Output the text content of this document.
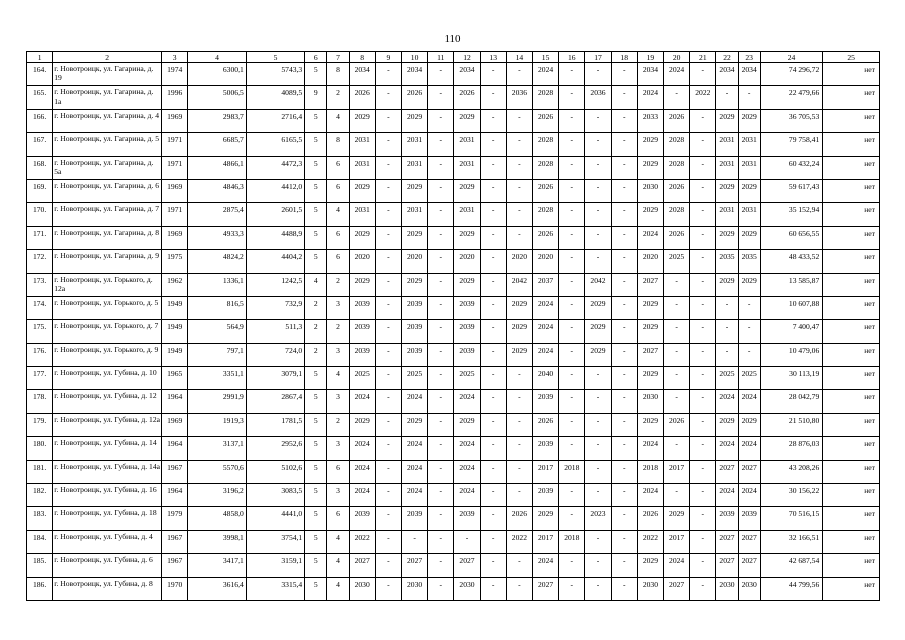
110
1	2	3	4	5	6	7	8	9	10	11	12	13	14	15	16	17	18	19	20	21	22	23	24	25
164.	г. Новотроицк, ул. Гагарина, д. 19	1974	6300,1	5743,3	5	8	2034	-	2034	-	2034	-	-	2024	-	-	-	2034	2024	-	2034	2034	74 296,72	нет
165.	г. Новотроицк, ул. Гагарина, д. 1а	1996	5006,5	4089,5	9	2	2026	-	2026	-	2026	-	2036	2028	-	2036	-	2024	-	2022	-	-	22 479,66	нет
166.	г. Новотроицк, ул. Гагарина, д. 4	1969	2983,7	2716,4	5	4	2029	-	2029	-	2029	-	-	2026	-	-	-	2033	2026	-	2029	2029	36 705,53	нет
167.	г. Новотроицк, ул. Гагарина, д. 5	1971	6685,7	6165,5	5	8	2031	-	2031	-	2031	-	-	2028	-	-	-	2029	2028	-	2031	2031	79 758,41	нет
168.	г. Новотроицк, ул. Гагарина, д. 5а	1971	4866,1	4472,3	5	6	2031	-	2031	-	2031	-	-	2028	-	-	-	2029	2028	-	2031	2031	60 432,24	нет
169.	г. Новотроицк, ул. Гагарина, д. 6	1969	4846,3	4412,0	5	6	2029	-	2029	-	2029	-	-	2026	-	-	-	2030	2026	-	2029	2029	59 617,43	нет
170.	г. Новотроицк, ул. Гагарина, д. 7	1971	2875,4	2601,5	5	4	2031	-	2031	-	2031	-	-	2028	-	-	-	2029	2028	-	2031	2031	35 152,94	нет
171.	г. Новотроицк, ул. Гагарина, д. 8	1969	4933,3	4488,9	5	6	2029	-	2029	-	2029	-	-	2026	-	-	-	2024	2026	-	2029	2029	60 656,55	нет
172.	г. Новотроицк, ул. Гагарина, д. 9	1975	4824,2	4404,2	5	6	2020	-	2020	-	2020	-	2020	2020	-	-	-	2020	2025	-	2035	2035	48 433,52	нет
173.	г. Новотроицк, ул. Горького, д. 12а	1962	1336,1	1242,5	4	2	2029	-	2029	-	2029	-	2042	2037	-	2042	-	2027	-	-	2029	2029	13 585,87	нет
174.	г. Новотроицк, ул. Горького, д. 5	1949	816,5	732,9	2	3	2039	-	2039	-	2039	-	2029	2024	-	2029	-	2029	-	-	-	-	10 607,88	нет
175.	г. Новотроицк, ул. Горького, д. 7	1949	564,9	511,3	2	2	2039	-	2039	-	2039	-	2029	2024	-	2029	-	2029	-	-	-	-	7 400,47	нет
176.	г. Новотроицк, ул. Горького, д. 9	1949	797,1	724,0	2	3	2039	-	2039	-	2039	-	2029	2024	-	2029	-	2027	-	-	-	-	10 479,06	нет
177.	г. Новотроицк, ул. Губина, д. 10	1965	3351,1	3079,1	5	4	2025	-	2025	-	2025	-	-	2040	-	-	-	2029	-	-	2025	2025	30 113,19	нет
178.	г. Новотроицк, ул. Губина, д. 12	1964	2991,9	2867,4	5	3	2024	-	2024	-	2024	-	-	2039	-	-	-	2030	-	-	2024	2024	28 042,79	нет
179.	г. Новотроицк, ул. Губина, д. 12а	1969	1919,3	1781,5	5	2	2029	-	2029	-	2029	-	-	2026	-	-	-	2029	2026	-	2029	2029	21 510,80	нет
180.	г. Новотроицк, ул. Губина, д. 14	1964	3137,1	2952,6	5	3	2024	-	2024	-	2024	-	-	2039	-	-	-	2024	-	-	2024	2024	28 876,03	нет
181.	г. Новотроицк, ул. Губина, д. 14а	1967	5570,6	5102,6	5	6	2024	-	2024	-	2024	-	-	2017	2018	-	-	2018	2017	-	2027	2027	43 208,26	нет
182.	г. Новотроицк, ул. Губина, д. 16	1964	3196,2	3083,5	5	3	2024	-	2024	-	2024	-	-	2039	-	-	-	2024	-	-	2024	2024	30 156,22	нет
183.	г. Новотроицк, ул. Губина, д. 18	1979	4858,0	4441,0	5	6	2039	-	2039	-	2039	-	2026	2029	-	2023	-	2026	2029	-	2039	2039	70 516,15	нет
184.	г. Новотроицк, ул. Губина, д. 4	1967	3998,1	3754,1	5	4	2022	-	-	-	-	-	2022	2017	2018	-	-	2022	2017	-	2027	2027	32 166,51	нет
185.	г. Новотроицк, ул. Губина, д. 6	1967	3417,1	3159,1	5	4	2027	-	2027	-	2027	-	-	2024	-	-	-	2029	2024	-	2027	2027	42 687,54	нет
186.	г. Новотроицк, ул. Губина, д. 8	1970	3616,4	3315,4	5	4	2030	-	2030	-	2030	-	-	2027	-	-	-	2030	2027	-	2030	2030	44 799,56	нет
